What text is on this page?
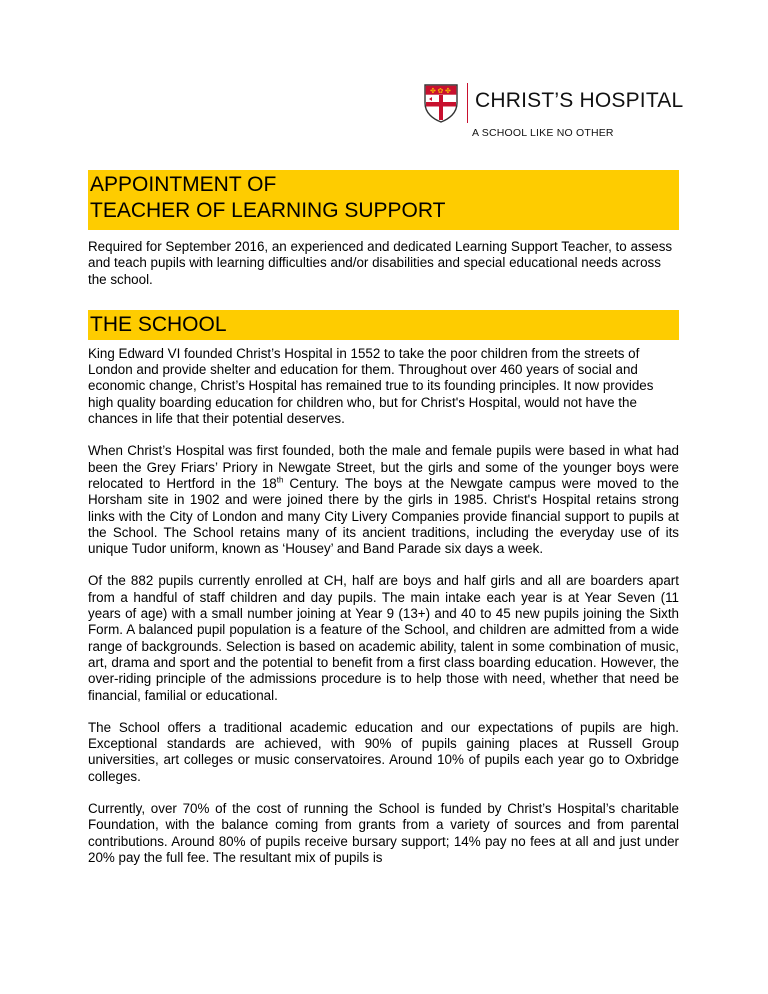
✤ ✿ ✤ CHRIST’S HOSPITAL
A SCHOOL LIKE NO OTHER
APPOINTMENT OF
TEACHER OF LEARNING SUPPORT

Required for September 2016, an experienced and dedicated Learning Support Teacher, to assess and teach pupils with learning difficulties and/or disabilities and special educational needs across the school.

THE SCHOOL

King Edward VI founded Christ’s Hospital in 1552 to take the poor children from the streets of London and provide shelter and education for them. Throughout over 460 years of social and economic change, Christ’s Hospital has remained true to its founding principles. It now provides high quality boarding education for children who, but for Christ's Hospital, would not have the chances in life that their potential deserves.

When Christ’s Hospital was first founded, both the male and female pupils were based in what had been the Grey Friars’ Priory in Newgate Street, but the girls and some of the younger boys were relocated to Hertford in the 18th Century. The boys at the Newgate campus were moved to the Horsham site in 1902 and were joined there by the girls in 1985. Christ's Hospital retains strong links with the City of London and many City Livery Companies provide financial support to pupils at the School. The School retains many of its ancient traditions, including the everyday use of its unique Tudor uniform, known as ‘Housey’ and Band Parade six days a week.

Of the 882 pupils currently enrolled at CH, half are boys and half girls and all are boarders apart from a handful of staff children and day pupils. The main intake each year is at Year Seven (11 years of age) with a small number joining at Year 9 (13+) and 40 to 45 new pupils joining the Sixth Form. A balanced pupil population is a feature of the School, and children are admitted from a wide range of backgrounds. Selection is based on academic ability, talent in some combination of music, art, drama and sport and the potential to benefit from a first class boarding education. However, the over-riding principle of the admissions procedure is to help those with need, whether that need be financial, familial or educational.

The School offers a traditional academic education and our expectations of pupils are high. Exceptional standards are achieved, with 90% of pupils gaining places at Russell Group universities, art colleges or music conservatoires. Around 10% of pupils each year go to Oxbridge colleges.

Currently, over 70% of the cost of running the School is funded by Christ’s Hospital’s charitable Foundation, with the balance coming from grants from a variety of sources and from parental contributions. Around 80% of pupils receive bursary support; 14% pay no fees at all and just under 20% pay the full fee. The resultant mix of pupils is
